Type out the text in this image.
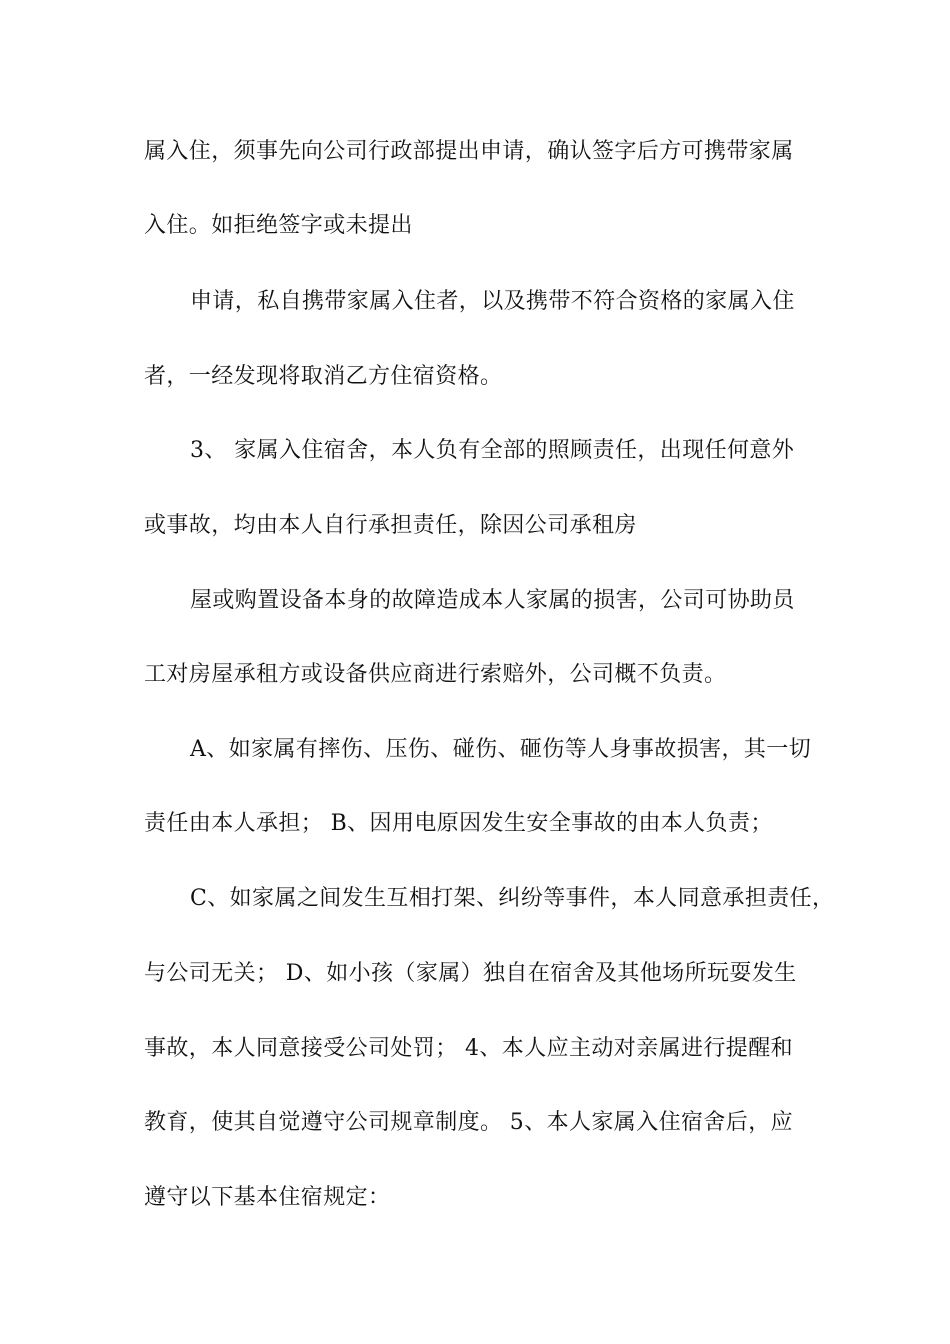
属入住，须事先向公司行政部提出申请，确认签字后方可携带家属
入住。如拒绝签字或未提出
申请，私自携带家属入住者，以及携带不符合资格的家属入住
者，一经发现将取消乙方住宿资格。
3、 家属入住宿舍，本人负有全部的照顾责任，出现任何意外
或事故，均由本人自行承担责任，除因公司承租房
屋或购置设备本身的故障造成本人家属的损害，公司可协助员
工对房屋承租方或设备供应商进行索赔外，公司概不负责。
A、如家属有摔伤、压伤、碰伤、砸伤等人身事故损害，其一切
责任由本人承担； B、因用电原因发生安全事故的由本人负责；
C、如家属之间发生互相打架、纠纷等事件，本人同意承担责任，
与公司无关； D、如小孩（家属）独自在宿舍及其他场所玩耍发生
事故，本人同意接受公司处罚； 4、本人应主动对亲属进行提醒和
教育，使其自觉遵守公司规章制度。 5、本人家属入住宿舍后，应
遵守以下基本住宿规定：
